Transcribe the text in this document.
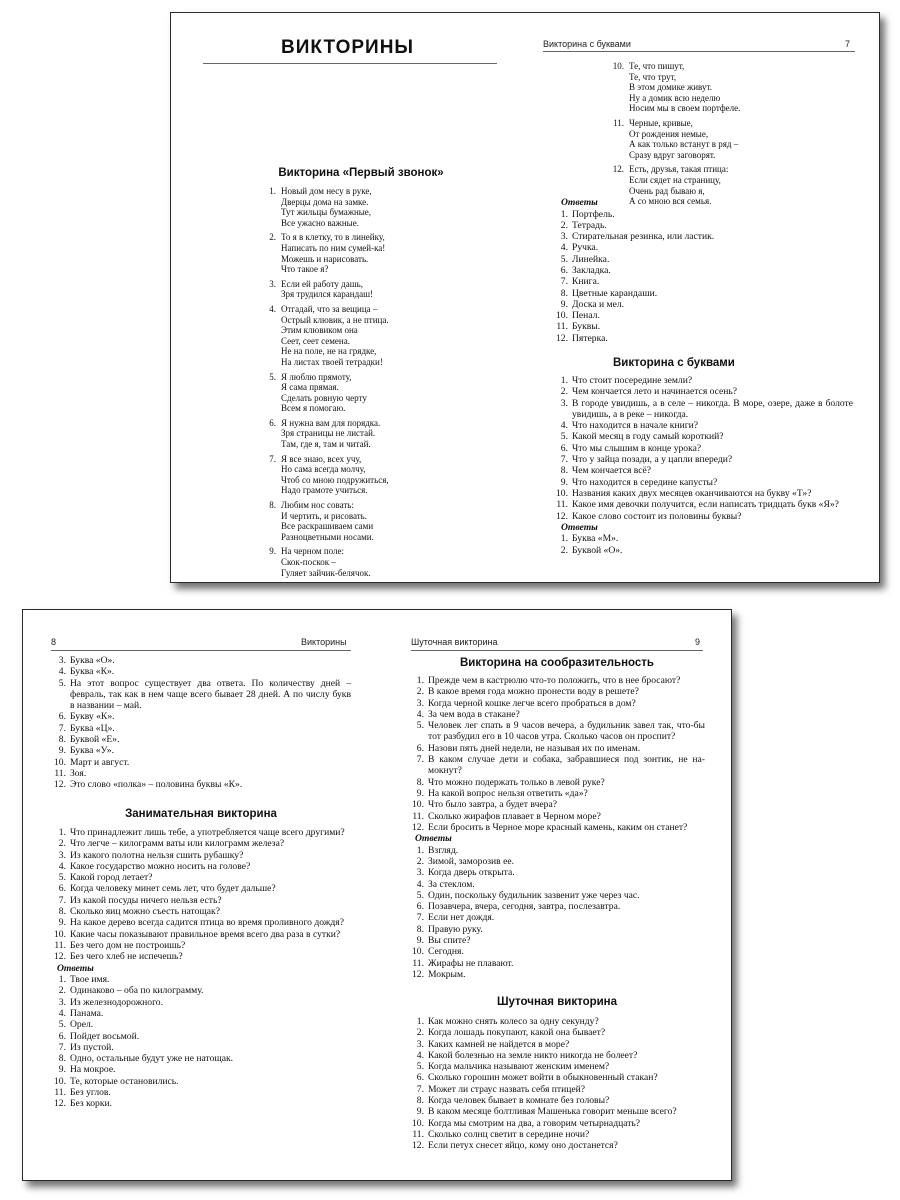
ВИКТОРИНЫ
Викторина «Первый звонок»
1. Новый дом несу в руке,
Дверцы дома на замке.
Тут жильцы бумажные,
Все ужасно важные.
2. То я в клетку, то в линейку,
Написать по ним сумей-ка!
Можешь и нарисовать.
Что такое я?
3. Если ей работу дашь,
Зря трудился карандаш!
4. Отгадай, что за вещица –
Острый клювик, а не птица.
Этим клювиком она
Сеет, сеет семена.
Не на поле, не на грядке,
На листах твоей тетрадки!
5. Я люблю прямоту,
Я сама прямая.
Сделать ровную черту
Всем я помогаю.
6. Я нужна вам для порядка.
Зря страницы не листай.
Там, где я, там и читай.
7. Я все знаю, всех учу,
Но сама всегда молчу,
Чтоб со мною подружиться,
Надо грамоте учиться.
8. Любим нос совать:
И чертить, и рисовать.
Все раскрашиваем сами
Разноцветными носами.
9. На черном поле:
Скок-поскок –
Гуляет зайчик-белячок.
Викторина с буквами	7
10. Те, что пишут,
Те, что трут,
В этом домике живут.
Ну а домик всю неделю
Носим мы в своем портфеле.
11. Черные, кривые,
От рождения немые,
А как только встанут в ряд –
Сразу вдруг заговорят.
12. Есть, друзья, такая птица:
Если сядет на страницу,
Очень рад бываю я,
А со мною вся семья.
Ответы
1. Портфель.
2. Тетрадь.
3. Стирательная резинка, или ластик.
4. Ручка.
5. Линейка.
6. Закладка.
7. Книга.
8. Цветные карандаши.
9. Доска и мел.
10. Пенал.
11. Буквы.
12. Пятерка.
Викторина с буквами
1. Что стоит посередине земли?
2. Чем кончается лето и начинается осень?
3. В городе увидишь, а в селе – никогда. В море, озере, даже в болоте увидишь, а в реке – никогда.
4. Что находится в начале книги?
5. Какой месяц в году самый короткий?
6. Что мы слышим в конце урока?
7. Что у зайца позади, а у цапли впереди?
8. Чем кончается всё?
9. Что находится в середине капусты?
10. Названия каких двух месяцев оканчиваются на букву «Т»?
11. Какое имя девочки получится, если написать тридцать букв «Я»?
12. Какое слово состоит из половины буквы?
Ответы
1. Буква «М».
2. Буквой «О».
8	Викторины
3. Буква «О».
4. Буква «К».
5. На этот вопрос существует два ответа. По количеству дней – февраль, так как в нем чаще всего бывает 28 дней. А по числу букв в названии – май.
6. Букву «К».
7. Буква «Ц».
8. Буквой «Е».
9. Буква «У».
10. Март и август.
11. Зоя.
12. Это слово «полка» – половина буквы «К».
Занимательная викторина
1. Что принадлежит лишь тебе, а употребляется чаще всего другими?
2. Что легче – килограмм ваты или килограмм железа?
3. Из какого полотна нельзя сшить рубашку?
4. Какое государство можно носить на голове?
5. Какой город летает?
6. Когда человеку минет семь лет, что будет дальше?
7. Из какой посуды ничего нельзя есть?
8. Сколько яиц можно съесть натощак?
9. На какое дерево всегда садится птица во время проливного дождя?
10. Какие часы показывают правильное время всего два раза в сутки?
11. Без чего дом не построишь?
12. Без чего хлеб не испечешь?
Ответы
1. Твое имя.
2. Одинаково – оба по килограмму.
3. Из железнодорожного.
4. Панама.
5. Орел.
6. Пойдет восьмой.
7. Из пустой.
8. Одно, остальные будут уже не натощак.
9. На мокрое.
10. Те, которые остановились.
11. Без углов.
12. Без корки.
Шуточная викторина	9
Викторина на сообразительность
1. Прежде чем в кастрюлю что-то положить, что в нее бросают?
2. В какое время года можно пронести воду в решете?
3. Когда черной кошке легче всего пробраться в дом?
4. За чем вода в стакане?
5. Человек лег спать в 9 часов вечера, а будильник завел так, что-бы тот разбудил его в 10 часов утра. Сколько часов он проспит?
6. Назови пять дней недели, не называя их по именам.
7. В каком случае дети и собака, забравшиеся под зонтик, не на-мокнут?
8. Что можно подержать только в левой руке?
9. На какой вопрос нельзя ответить «да»?
10. Что было завтра, а будет вчера?
11. Сколько жирафов плавает в Черном море?
12. Если бросить в Черное море красный камень, каким он станет?
Ответы
1. Взгляд.
2. Зимой, заморозив ее.
3. Когда дверь открыта.
4. За стеклом.
5. Один, поскольку будильник зазвенит уже через час.
6. Позавчера, вчера, сегодня, завтра, послезавтра.
7. Если нет дождя.
8. Правую руку.
9. Вы спите?
10. Сегодня.
11. Жирафы не плавают.
12. Мокрым.
Шуточная викторина
1. Как можно снять колесо за одну секунду?
2. Когда лошадь покупают, какой она бывает?
3. Каких камней не найдется в море?
4. Какой болезнью на земле никто никогда не болеет?
5. Когда мальчика называют женским именем?
6. Сколько горошин может войти в обыкновенный стакан?
7. Может ли страус назвать себя птицей?
8. Когда человек бывает в комнате без головы?
9. В каком месяце болтливая Машенька говорит меньше всего?
10. Когда мы смотрим на два, а говорим четырнадцать?
11. Сколько солнц светит в середине ночи?
12. Если петух снесет яйцо, кому оно достанется?
